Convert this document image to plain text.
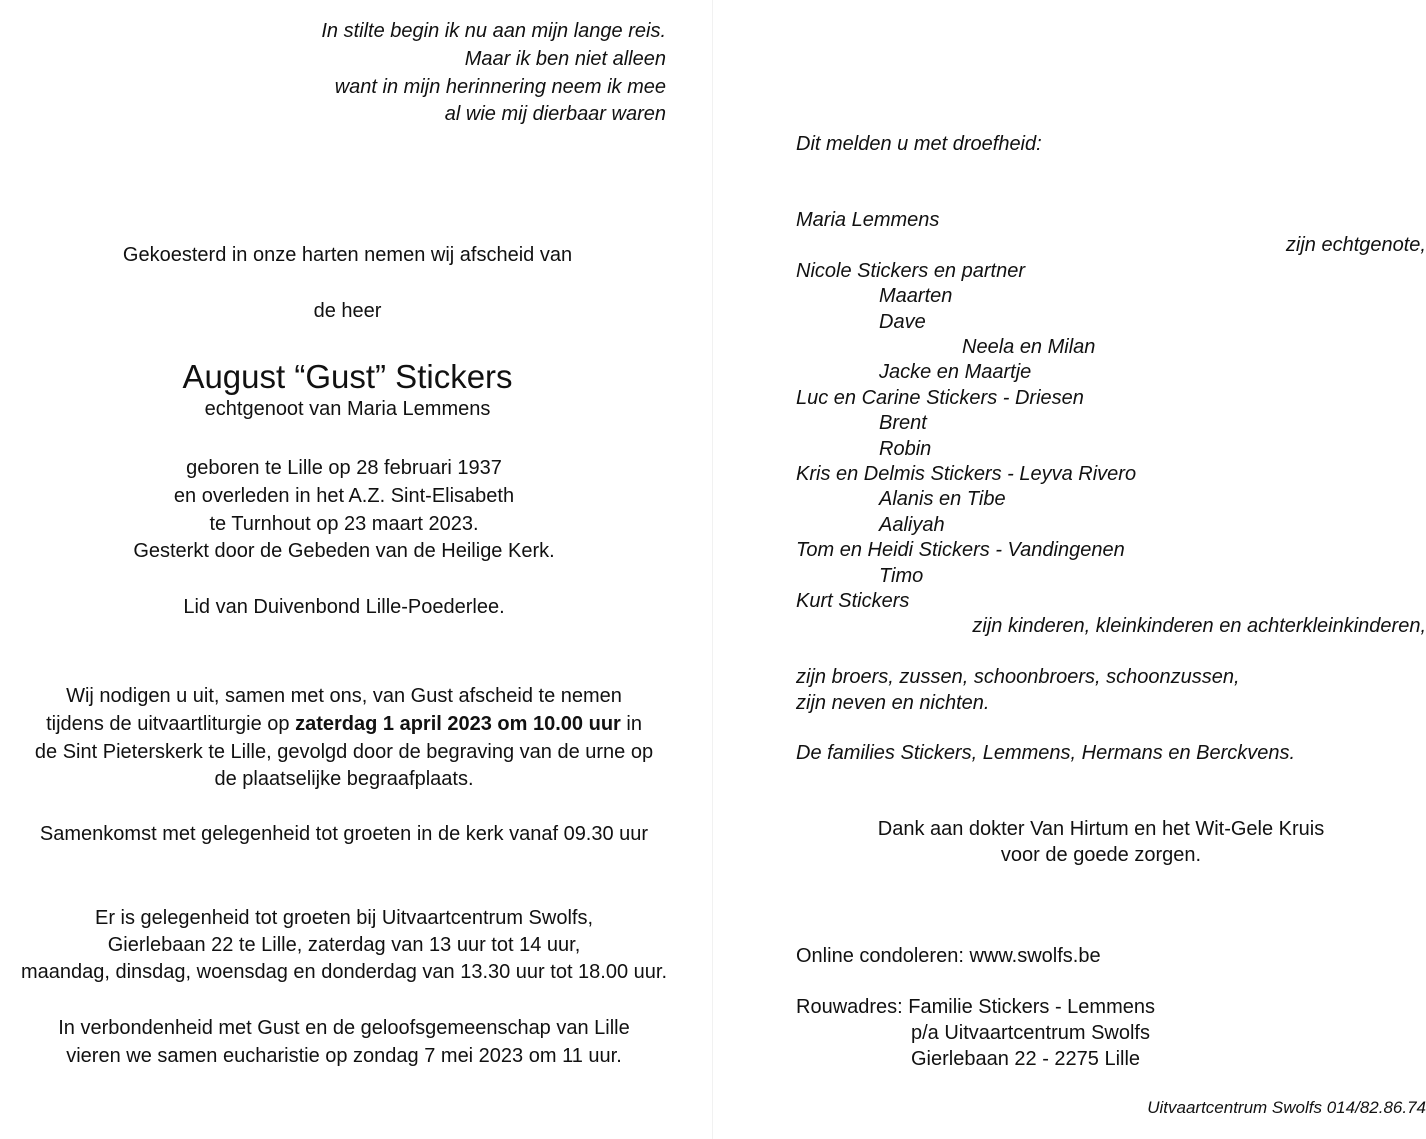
In stilte begin ik nu aan mijn lange reis.

Maar ik ben niet alleen

want in mijn herinnering neem ik mee

al wie mij dierbaar waren

Gekoesterd in onze harten nemen wij afscheid van

de heer

August “Gust” Stickers

echtgenoot van Maria Lemmens

geboren te Lille op 28 februari 1937

en overleden in het A.Z. Sint-Elisabeth

te Turnhout op 23 maart 2023.

Gesterkt door de Gebeden van de Heilige Kerk.

Lid van Duivenbond Lille-Poederlee.

Wij nodigen u uit, samen met ons, van Gust afscheid te nemen

tijdens de uitvaartliturgie op zaterdag 1 april 2023 om 10.00 uur in

de Sint Pieterskerk te Lille, gevolgd door de begraving van de urne op

de plaatselijke begraafplaats.

Samenkomst met gelegenheid tot groeten in de kerk vanaf 09.30 uur

Er is gelegenheid tot groeten bij Uitvaartcentrum Swolfs,

Gierlebaan 22 te Lille, zaterdag van 13 uur tot 14 uur,

maandag, dinsdag, woensdag en donderdag van 13.30 uur tot 18.00 uur.

In verbondenheid met Gust en de geloofsgemeenschap van Lille

vieren we samen eucharistie op zondag 7 mei 2023 om 11 uur.

Dit melden u met droefheid:

Maria Lemmens

zijn echtgenote,

Nicole Stickers en partner

Maarten

Dave

Neela en Milan

Jacke en Maartje

Luc en Carine Stickers - Driesen

Brent

Robin

Kris en Delmis Stickers - Leyva Rivero

Alanis en Tibe

Aaliyah

Tom en Heidi Stickers - Vandingenen

Timo

Kurt Stickers

zijn kinderen, kleinkinderen en achterkleinkinderen,

zijn broers, zussen, schoonbroers, schoonzussen,

zijn neven en nichten.

De families Stickers, Lemmens, Hermans en Berckvens.

Dank aan dokter Van Hirtum en het Wit-Gele Kruis

voor de goede zorgen.

Online condoleren: www.swolfs.be

Rouwadres: Familie Stickers - Lemmens

p/a Uitvaartcentrum Swolfs

Gierlebaan 22 - 2275 Lille

Uitvaartcentrum Swolfs 014/82.86.74
